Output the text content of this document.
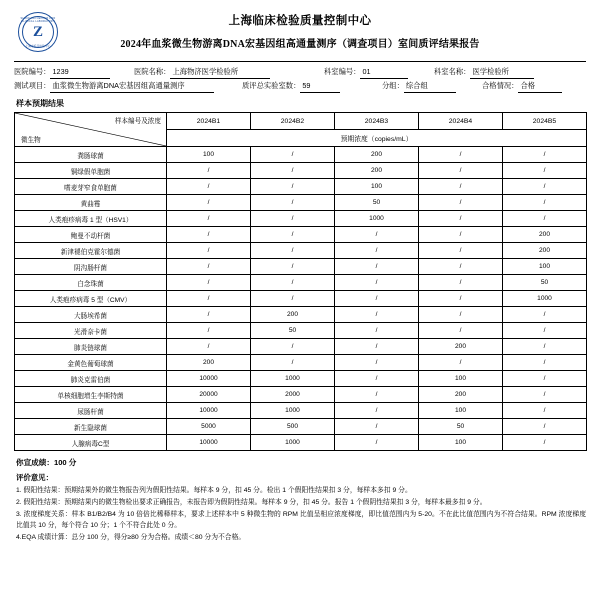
SHANGHAI CENTER FOR CLINICAL LABORATORY
Z
上海市临床检验中心
上海临床检验质量控制中心
2024年血浆微生物游离DNA宏基因组高通量测序（调查项目）室间质评结果报告
医院编号： 1239	医院名称： 上海物济医学检验所	科室编号： 01	科室名称： 医学检验所
测试项目： 血浆微生物游离DNA宏基因组高通量测序	质评总实验室数： 59	分组： 综合组	合格情况： 合格
样本预期结果
样本编号及浓度
微生物	2024B1	2024B2	2024B3	2024B4	2024B5
	预期浓度（copies/mL）				
粪肠球菌	100	/	200	/	/
铜绿假单胞菌	/	/	200	/	/
嗜麦芽窄食单胞菌	/	/	100	/	/
黄曲霉	/	/	50	/	/
人类疱疹病毒 1 型（HSV1）	/	/	1000	/	/
鲍曼不动杆菌	/	/	/	/	200
新津褪伯克霍尔德菌	/	/	/	/	200
阴沟肠杆菌	/	/	/	/	100
白念珠菌	/	/	/	/	50
人类疱疹病毒 5 型（CMV）	/	/	/	/	1000
大肠埃希菌	/	200	/	/	/
光滑奈卡菌	/	50	/	/	/
肺炎链球菌	/	/	/	200	/
金黄色葡萄球菌	200	/	/	/	/
肺炎克雷伯菌	10000	1000	/	100	/
单核细胞增生李斯特菌	20000	2000	/	200	/
尿肠杆菌	10000	1000	/	100	/
新生隐球菌	5000	500	/	50	/
人腺病毒C型	10000	1000	/	100	/
你宣成绩：100 分
评价意见：
1. 假阳性结果：预期结果外的微生物报告列为假阳性结果。每样本 9 分，扣 45 分。检出 1 个假阳性结果扣 3 分，每样本多扣 9 分。
2. 假阳性结果：预期结果内的微生物检出要求正确报告，未报告即为假阴性结果。每样本 9 分，扣 45 分。报告 1 个假阴性结果扣 3 分，每样本最多扣 9 分。
3. 浓度梯度关系：样本 B1/B2/B4 为 10 倍倍比稀释样本，要求上述样本中 5 种微生物的 RPM 比值呈相应浓度梯度，即比值范围内为 5-20。不在此比值范围内为不符合结果。RPM 浓度梯度比值共 10 分，每个符合 10 分；1 个不符合此处 0 分。
4.EQA 成绩计算：总分 100 分，得分≥80 分为合格。成绩＜80 分为不合格。
